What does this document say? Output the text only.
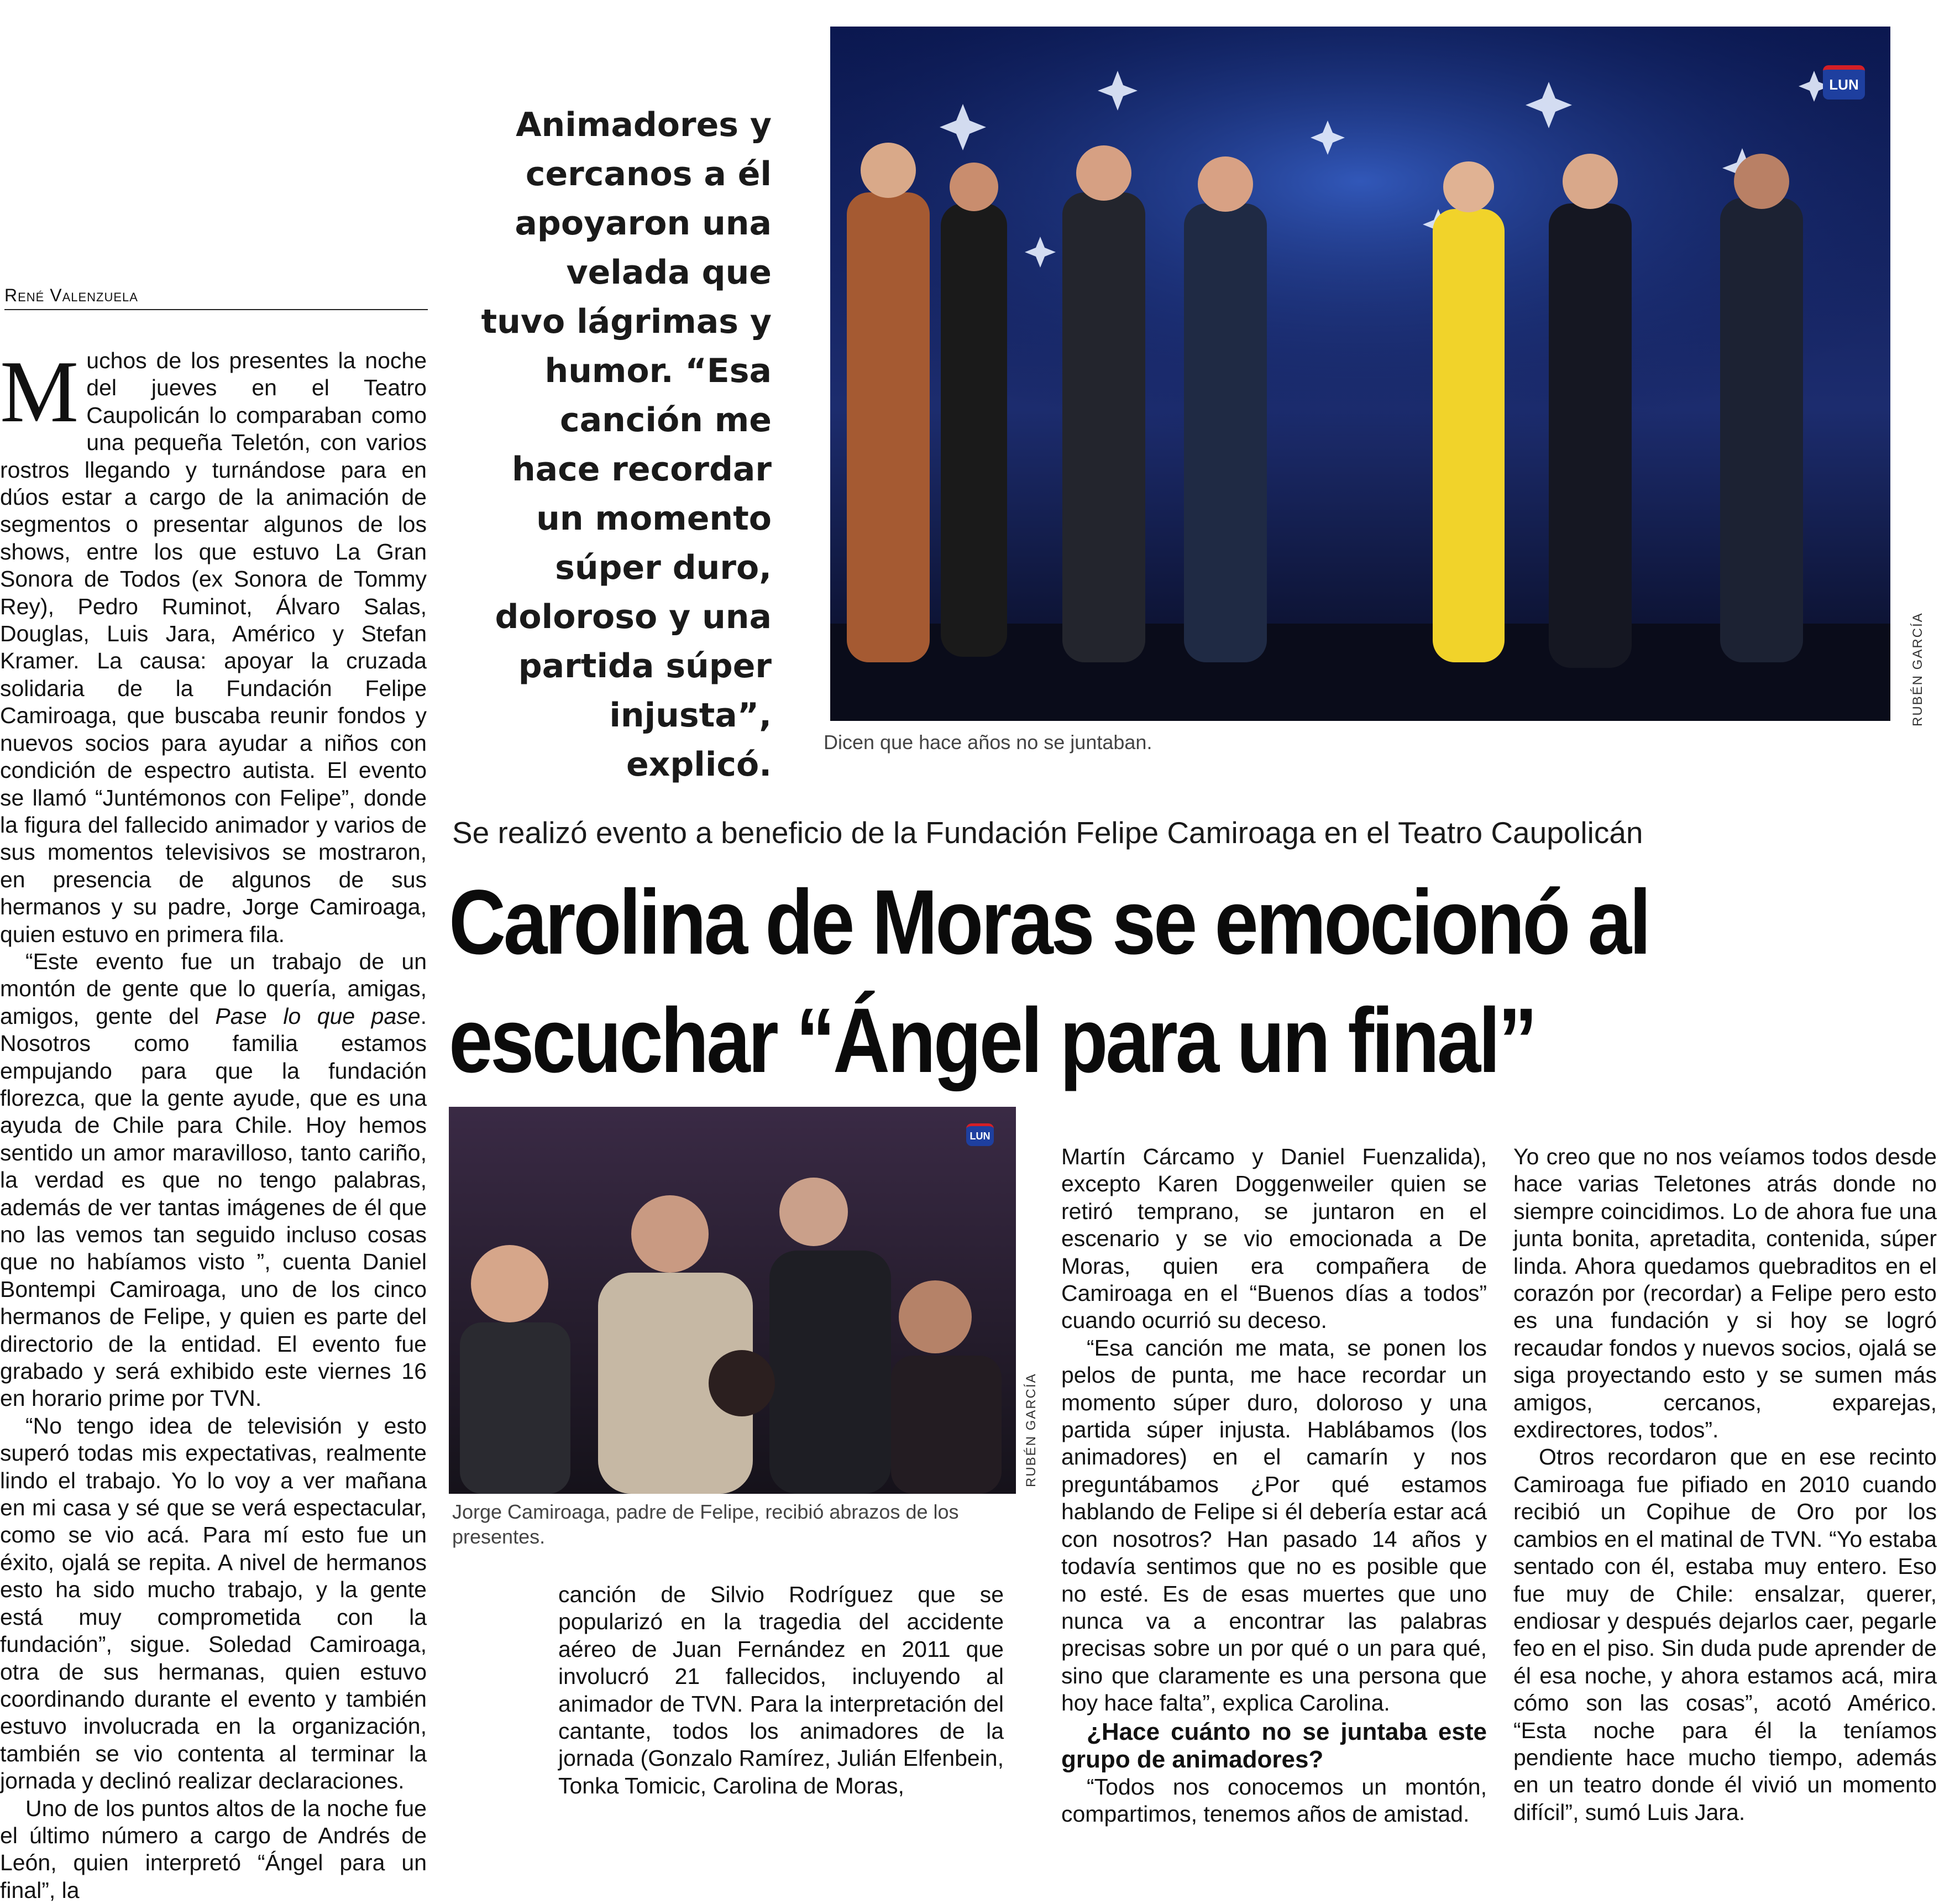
René Valenzuela

Muchos de los presentes la noche del jueves en el Teatro Caupolicán lo comparaban como una pequeña Teletón, con varios rostros llegando y turnándose para en dúos estar a cargo de la animación de segmentos o presentar algunos de los shows, entre los que estuvo La Gran Sonora de Todos (ex Sonora de Tommy Rey), Pedro Ruminot, Álvaro Salas, Douglas, Luis Jara, Américo y Stefan Kramer. La causa: apoyar la cruzada solidaria de la Fundación Felipe Camiroaga, que buscaba reunir fondos y nuevos socios para ayudar a niños con condición de espectro autista. El evento se llamó “Juntémonos con Felipe”, donde la figura del fallecido animador y varios de sus momentos televisivos se mostraron, en presencia de algunos de sus hermanos y su padre, Jorge Camiroaga, quien estuvo en primera fila.

“Este evento fue un trabajo de un montón de gente que lo quería, amigas, amigos, gente del Pase lo que pase. Nosotros como familia estamos empujando para que la fundación florezca, que la gente ayude, que es una ayuda de Chile para Chile. Hoy hemos sentido un amor maravilloso, tanto cariño, la verdad es que no tengo palabras, además de ver tantas imágenes de él que no las vemos tan seguido incluso cosas que no habíamos visto ”, cuenta Daniel Bontempi Camiroaga, uno de los cinco hermanos de Felipe, y quien es parte del directorio de la entidad. El evento fue grabado y será exhibido este viernes 16 en horario prime por TVN.

“No tengo idea de televisión y esto superó todas mis expectativas, realmente lindo el trabajo. Yo lo voy a ver mañana en mi casa y sé que se verá espectacular, como se vio acá. Para mí esto fue un éxito, ojalá se repita. A nivel de hermanos esto ha sido mucho trabajo, y la gente está muy comprometida con la fundación”, sigue. Soledad Camiroaga, otra de sus hermanas, quien estuvo coordinando durante el evento y también estuvo involucrada en la organización, también se vio contenta al terminar la jornada y declinó realizar declaraciones.

Uno de los puntos altos de la noche fue el último número a cargo de Andrés de León, quien interpretó “Ángel para un final”, la

Animadores y cercanos a él apoyaron una velada que tuvo lágrimas y humor. “Esa canción me hace recordar un momento súper duro, doloroso y una partida súper injusta”, explicó.
LUN
RUBÉN GARCÍA
Dicen que hace años no se juntaban.
Se realizó evento a beneficio de la Fundación Felipe Camiroaga en el Teatro Caupolicán
Carolina de Moras se emocionó al
escuchar “Ángel para un final”
LUN
RUBÉN GARCÍA
Jorge Camiroaga, padre de Felipe, recibió abrazos de los presentes.

canción de Silvio Rodríguez que se popularizó en la tragedia del accidente aéreo de Juan Fernández en 2011 que involucró 21 fallecidos, incluyendo al animador de TVN. Para la interpretación del cantante, todos los animadores de la jornada (Gonzalo Ramírez, Julián Elfenbein, Tonka Tomicic, Carolina de Moras,

Martín Cárcamo y Daniel Fuenzalida), excepto Karen Doggenweiler quien se retiró temprano, se juntaron en el escenario y se vio emocionada a De Moras, quien era compañera de Camiroaga en el “Buenos días a todos” cuando ocurrió su deceso.

“Esa canción me mata, se ponen los pelos de punta, me hace recordar un momento súper duro, doloroso y una partida súper injusta. Hablábamos (los animadores) en el camarín y nos preguntábamos ¿Por qué estamos hablando de Felipe si él debería estar acá con nosotros? Han pasado 14 años y todavía sentimos que no es posible que no esté. Es de esas muertes que uno nunca va a encontrar las palabras precisas sobre un por qué o un para qué, sino que claramente es una persona que hoy hace falta”, explica Carolina.

¿Hace cuánto no se juntaba este grupo de animadores?

“Todos nos conocemos un montón, compartimos, tenemos años de amistad.

Yo creo que no nos veíamos todos desde hace varias Teletones atrás donde no siempre coincidimos. Lo de ahora fue una junta bonita, apretadita, contenida, súper linda. Ahora quedamos quebraditos en el corazón por (recordar) a Felipe pero esto es una fundación y si hoy se logró recaudar fondos y nuevos socios, ojalá se siga proyectando esto y se sumen más amigos, cercanos, exparejas, exdirectores, todos”.

Otros recordaron que en ese recinto Camiroaga fue pifiado en 2010 cuando recibió un Copihue de Oro por los cambios en el matinal de TVN. “Yo estaba sentado con él, estaba muy entero. Eso fue muy de Chile: ensalzar, querer, endiosar y después dejarlos caer, pegarle feo en el piso. Sin duda pude aprender de él esa noche, y ahora estamos acá, mira cómo son las cosas”, acotó Américo. “Esta noche para él la teníamos pendiente hace mucho tiempo, además en un teatro donde él vivió un momento difícil”, sumó Luis Jara.
